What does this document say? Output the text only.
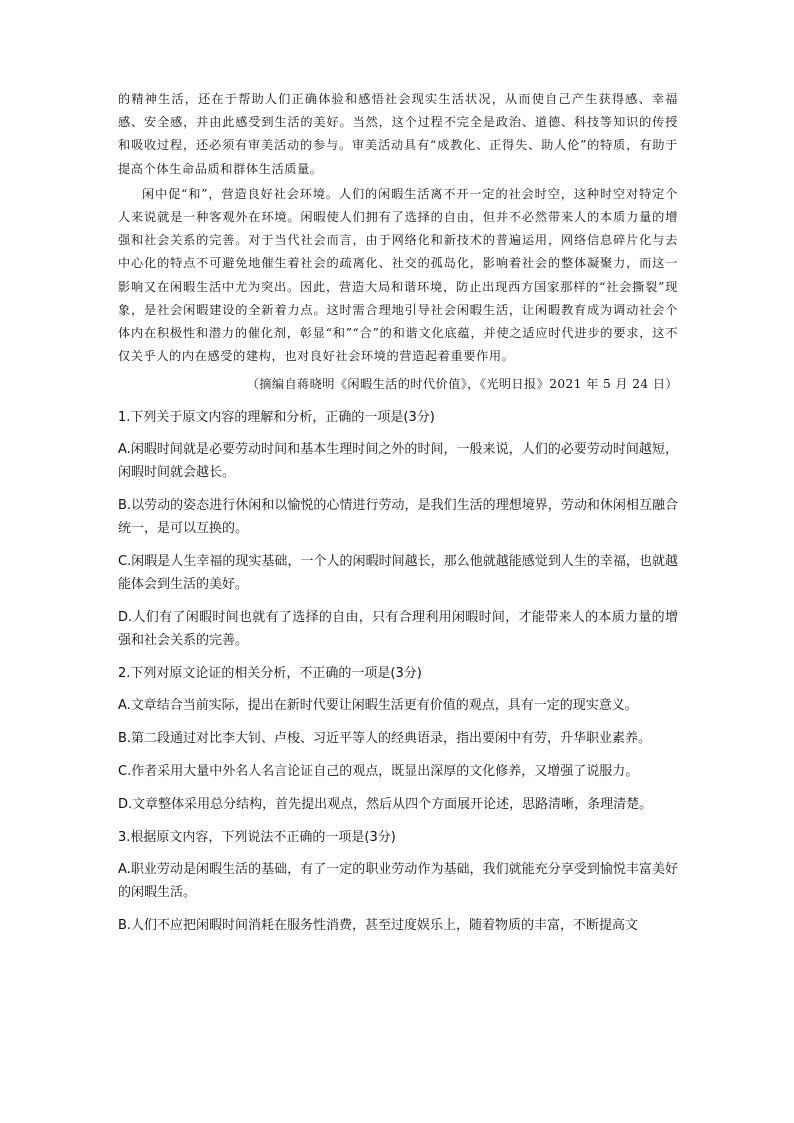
的精神生活，还在于帮助人们正确体验和感悟社会现实生活状况，从而使自己产生获得感、幸福感、安全感，并由此感受到生活的美好。当然，这个过程不完全是政治、道德、科技等知识的传授和吸收过程，还必须有审美活动的参与。审美活动具有“成教化、正得失、助人伦”的特质，有助于提高个体生命品质和群体生活质量。

闲中促“和”，营造良好社会环境。人们的闲暇生活离不开一定的社会时空，这种时空对特定个人来说就是一种客观外在环境。闲暇使人们拥有了选择的自由，但并不必然带来人的本质力量的增强和社会关系的完善。对于当代社会而言，由于网络化和新技术的普遍运用，网络信息碎片化与去中心化的特点不可避免地催生着社会的疏离化、社交的孤岛化，影响着社会的整体凝聚力，而这一影响又在闲暇生活中尤为突出。因此，营造大局和谐环境，防止出现西方国家那样的“社会撕裂”现象，是社会闲暇建设的全新着力点。这时需合理地引导社会闲暇生活，让闲暇教育成为调动社会个体内在积极性和潜力的催化剂，彰显“和”“合”的和谐文化底蕴，并使之适应时代进步的要求，这不仅关乎人的内在感受的建构，也对良好社会环境的营造起着重要作用。

（摘编自蒋晓明《闲暇生活的时代价值》，《光明日报》2021 年 5 月 24 日）
1.下列关于原文内容的理解和分析，正确的一项是(3分)
A.闲暇时间就是必要劳动时间和基本生理时间之外的时间，一般来说，人们的必要劳动时间越短，闲暇时间就会越长。
B.以劳动的姿态进行休闲和以愉悦的心情进行劳动，是我们生活的理想境界，劳动和休闲相互融合统一，是可以互换的。
C.闲暇是人生幸福的现实基础，一个人的闲暇时间越长，那么他就越能感觉到人生的幸福，也就越能体会到生活的美好。
D.人们有了闲暇时间也就有了选择的自由，只有合理利用闲暇时间，才能带来人的本质力量的增强和社会关系的完善。
2.下列对原文论证的相关分析，不正确的一项是(3分)
A.文章结合当前实际，提出在新时代要让闲暇生活更有价值的观点，具有一定的现实意义。
B.第二段通过对比李大钊、卢梭、习近平等人的经典语录，指出要闲中有劳，升华职业素养。
C.作者采用大量中外名人名言论证自己的观点，既显出深厚的文化修养，又增强了说服力。
D.文章整体采用总分结构，首先提出观点，然后从四个方面展开论述，思路清晰，条理清楚。
3.根据原文内容，下列说法不正确的一项是(3分)
A.职业劳动是闲暇生活的基础，有了一定的职业劳动作为基础，我们就能充分享受到愉悦丰富美好的闲暇生活。
B.人们不应把闲暇时间消耗在服务性消费，甚至过度娱乐上，随着物质的丰富，不断提高文
